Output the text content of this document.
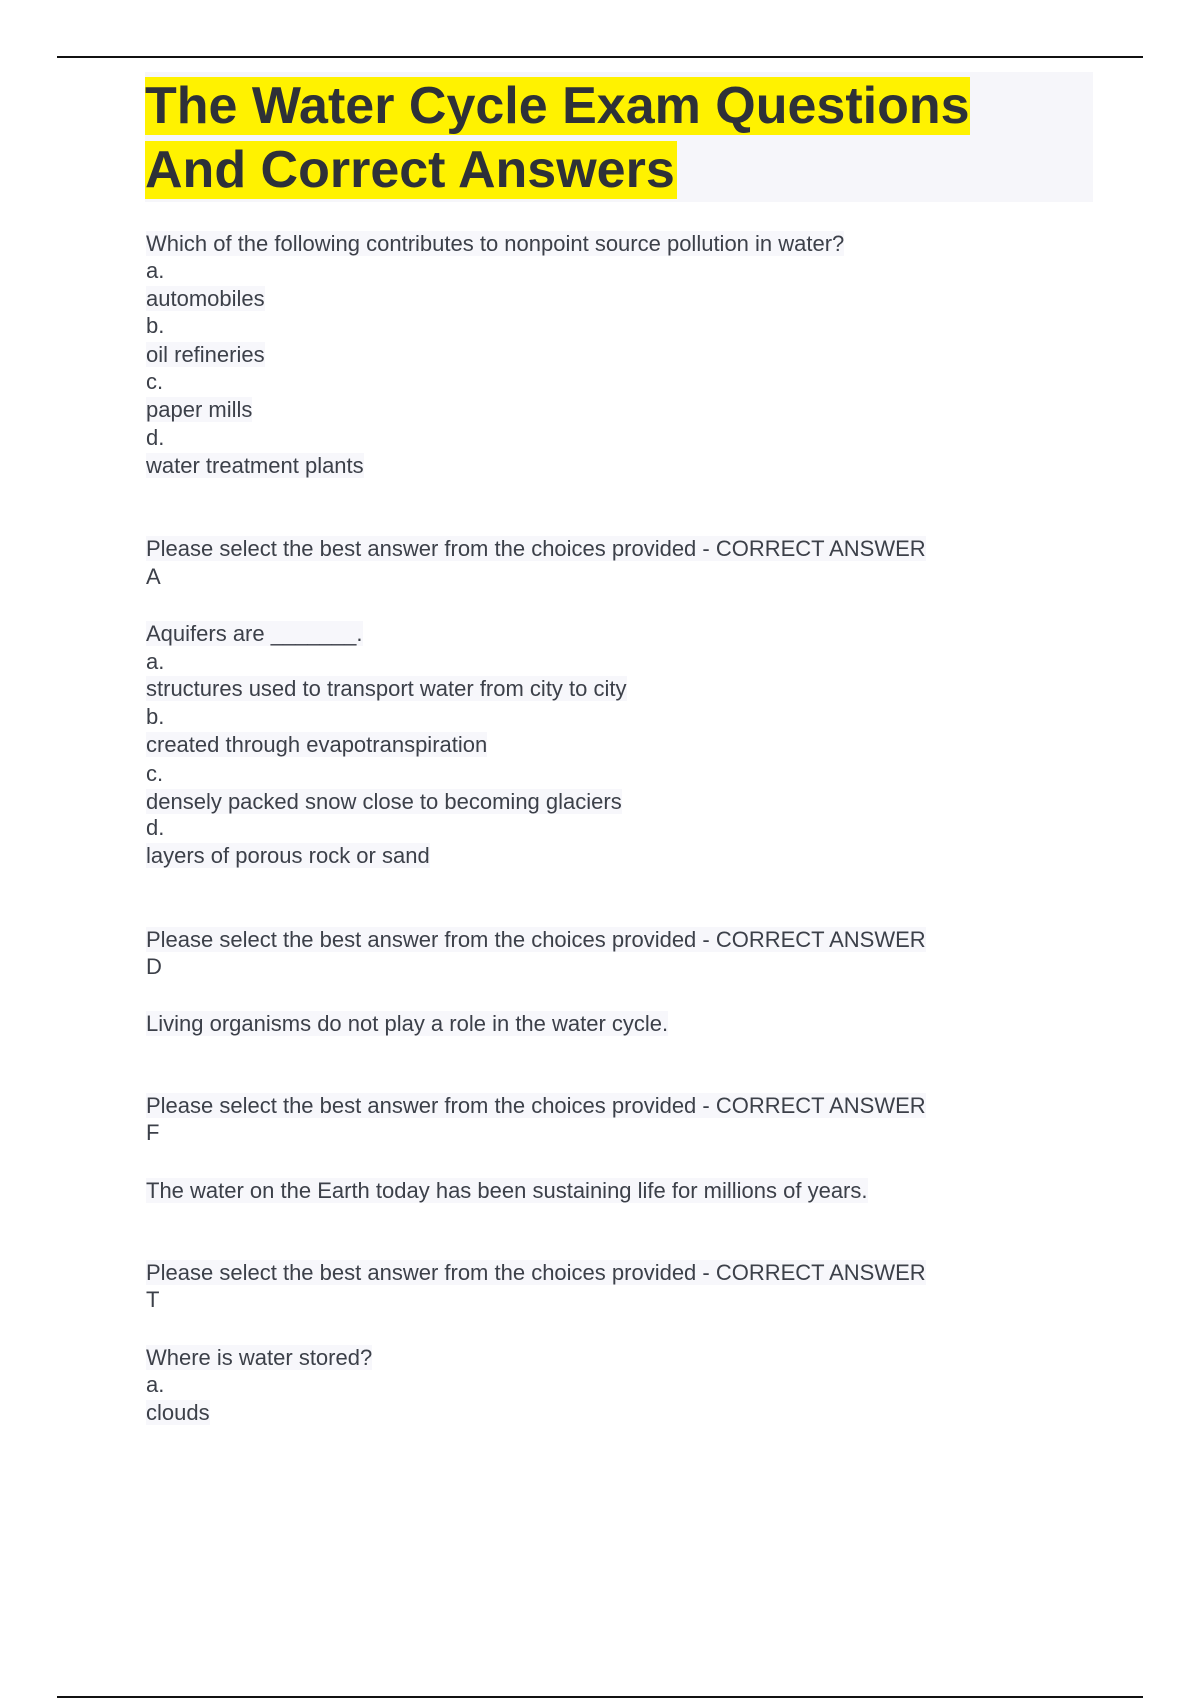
The Water Cycle Exam Questions And Correct Answers
Which of the following contributes to nonpoint source pollution in water?
a.
automobiles
b.
oil refineries
c.
paper mills
d.
water treatment plants
Please select the best answer from the choices provided - CORRECT ANSWER
A
Aquifers are _______.
a.
structures used to transport water from city to city
b.
created through evapotranspiration
c.
densely packed snow close to becoming glaciers
d.
layers of porous rock or sand
Please select the best answer from the choices provided - CORRECT ANSWER
D
Living organisms do not play a role in the water cycle.
Please select the best answer from the choices provided - CORRECT ANSWER
F
The water on the Earth today has been sustaining life for millions of years.
Please select the best answer from the choices provided - CORRECT ANSWER
T
Where is water stored?
a.
clouds
